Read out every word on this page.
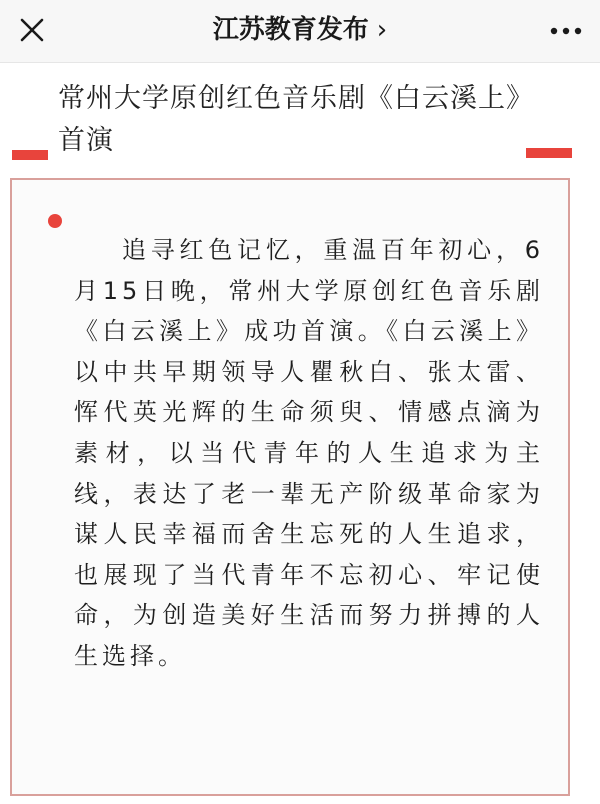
江苏教育发布 ›
常州大学原创红色音乐剧《白云溪上》首演

追寻红色记忆，重温百年初心，6月15日晚，常州大学原创红色音乐剧《白云溪上》成功首演。《白云溪上》以中共早期领导人瞿秋白、张太雷、恽代英光辉的生命须臾、情感点滴为素材，以当代青年的人生追求为主线，表达了老一辈无产阶级革命家为谋人民幸福而舍生忘死的人生追求，也展现了当代青年不忘初心、牢记使命，为创造美好生活而努力拼搏的人生选择。
